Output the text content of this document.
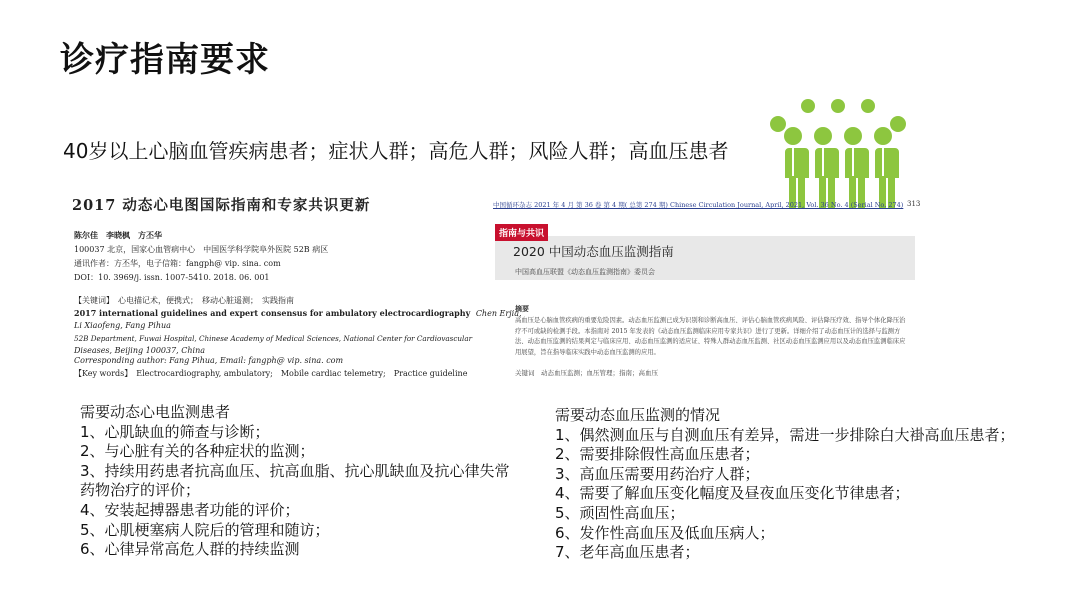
诊疗指南要求
40岁以上心脑血管疾病患者；症状人群；高危人群；风险人群；高血压患者
2017 动态心电图国际指南和专家共识更新
陈尔佳　李晓枫　方丕华
100037 北京，国家心血管病中心　中国医学科学院阜外医院 52B 病区
通讯作者：方丕华，电子信箱：fangph@ vip. sina. com
DOI：10. 3969/j. issn. 1007-5410. 2018. 06. 001
【关键词】　心电描记术，便携式；　移动心脏遥测；　实践指南
2017 international guidelines and expert consensus for ambulatory electrocardiography Chen Erjia,
Li Xiaofeng, Fang Pihua
52B Department, Fuwai Hospital, Chinese Academy of Medical Sciences, National Center for Cardiovascular
Diseases, Beijing 100037, China
Corresponding author: Fang Pihua, Email: fangph@ vip. sina. com
【Key words】　Electrocardiography, ambulatory;　Mobile cardiac telemetry;　Practice guideline
中国循环杂志 2021 年 4 月 第 36 卷 第 4 期( 总第 274 期) Chinese Circulation Journal, April, 2021, Vol. 36 No. 4 (Serial No. 274) 313
指南与共识
2020 中国动态血压监测指南
中国高血压联盟《动态血压监测指南》委员会
摘要
高血压是心脑血管疾病的重要危险因素。动态血压监测已成为识别和诊断高血压、评估心脑血管疾病风险、评估降压疗效、指导个体化降压治疗不可或缺的检测手段。本指南对 2015 年发表的《动态血压监测临床应用专家共识》进行了更新。详细介绍了动态血压计的选择与监测方法、动态血压监测的结果判定与临床应用、动态血压监测的适应证、特殊人群动态血压监测、社区动态血压监测应用以及动态血压监测临床应用展望，旨在指导临床实践中动态血压监测的应用。
关键词　动态血压监测；血压管理；指南；高血压
需要动态心电监测患者
1、心肌缺血的筛查与诊断；
2、与心脏有关的各种症状的监测；
3、持续用药患者抗高血压、抗高血脂、抗心肌缺血及抗心律失常
药物治疗的评价；
4、安装起搏器患者功能的评价；
5、心肌梗塞病人院后的管理和随访；
6、心律异常高危人群的持续监测
需要动态血压监测的情况
1、偶然测血压与自测血压有差异，需进一步排除白大褂高血压患者；
2、需要排除假性高血压患者；
3、高血压需要用药治疗人群；
4、需要了解血压变化幅度及昼夜血压变化节律患者；
5、顽固性高血压；
6、发作性高血压及低血压病人；
7、老年高血压患者；
